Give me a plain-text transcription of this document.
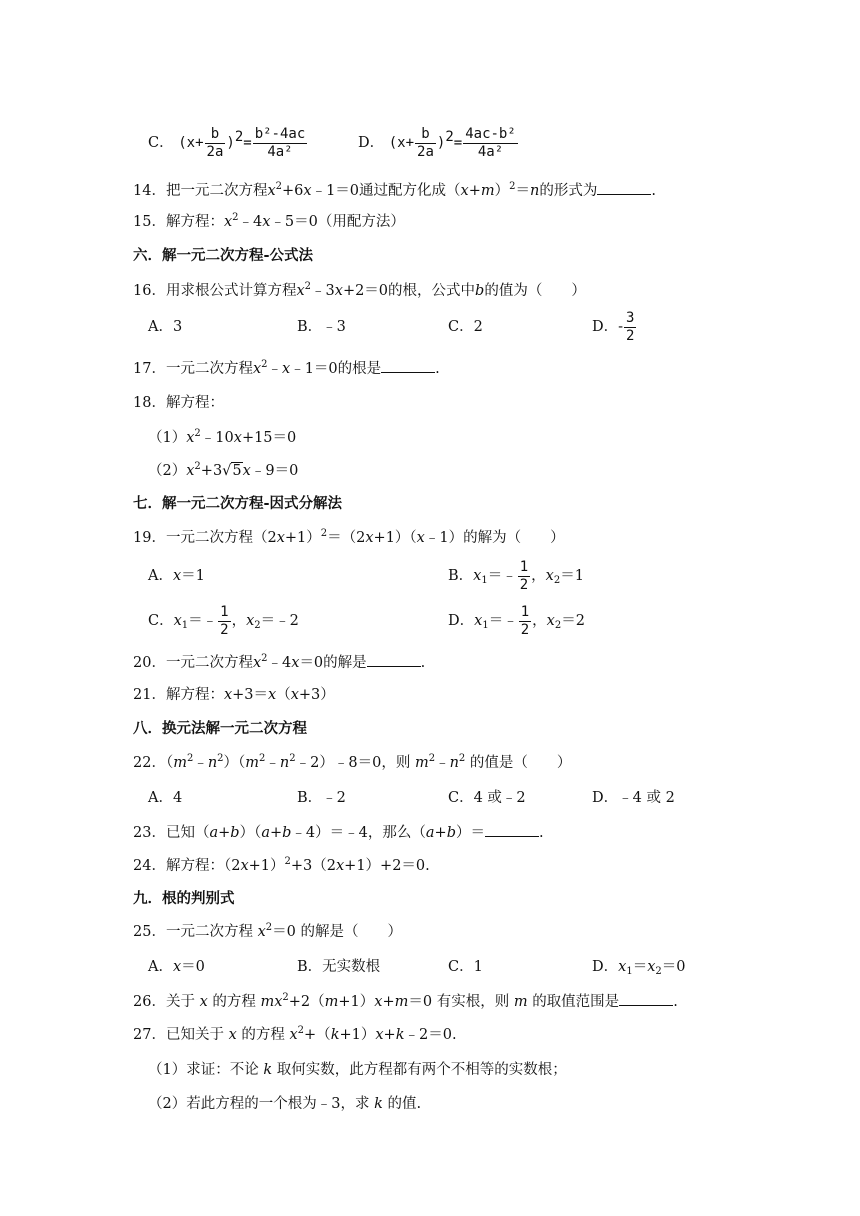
C． $(x+ \frac{b}{2a} )^2= \frac{\text{b²-4ac}}{\text{4a²}}$	D． $(x+ \frac{b}{2a} )^2= \frac{\text{4ac-b²}}{\text{4a²}}$
14．把一元二次方程$x^2+6x﹣1=0$通过配方化成$(x+m)^2=n$的形式为	.
15．解方程：$x^2﹣4x﹣5=0$（用配方法）
六．解一元二次方程-公式法
16．用求根公式计算方程$x^2﹣3x+2=0$的根，公式中b的值为（　　）
A．3	B．﹣3	C．2	D．- $\frac{3}{2}$
17．一元二次方程$x^2﹣x﹣1=0$的根是	.
18．解方程：
$(1)x^2﹣10x+15=0$
$(2)x^2+3√5x﹣9=0$
七．解一元二次方程-因式分解法
19．一元二次方程$(2x+1)^2=(2x+1)(x﹣1)$的解为（　　）
A．x＝1	B．$x_1=﹣ \frac{1}{2}$ ，$x_2=1$
C．$x_1=﹣ \frac{1}{2}$ ，$x_2=﹣2$	D．$x_1=﹣ \frac{1}{2}$ ，$x_2=2$
20．一元二次方程$x^2﹣4x=0$的解是	.
21．解方程：x+3＝x（x+3）
八．换元法解一元二次方程
22．$(m^2﹣n^2)(m^2﹣n^2﹣2)﹣8=0$，则 $m^2﹣n^2$ 的值是（　　）
A．4	B．﹣2	C．4 或﹣2	D．﹣4 或 2
23．已知（a+b）（a+b﹣4）＝﹣4，那么（a+b）＝	.
24．解方程：$(2x+1)^2+3(2x+1)+2=0$.
九．根的判别式
25．一元二次方程 $x^2=0$ 的解是（　　）
A．x＝0	B．无实数根	C．1	D．$x_1=x_2=0$
26．关于 x 的方程 $mx^2+2(m+1)x+m=0$ 有实根，则 m 的取值范围是	.
27．已知关于 x 的方程 $x^2+(k+1)x+k﹣2=0$.
（1）求证：不论 k 取何实数，此方程都有两个不相等的实数根；
（2）若此方程的一个根为﹣3，求 k 的值.
